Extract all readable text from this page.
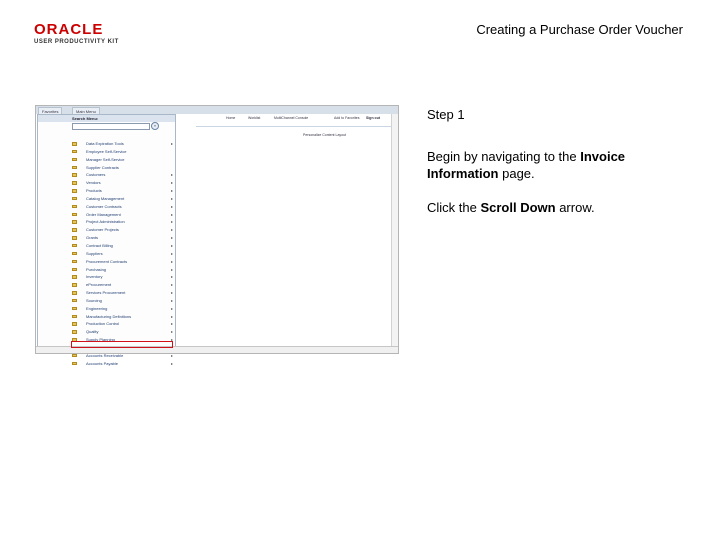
ORACLE
USER PRODUCTIVITY KIT
Creating a Purchase Order Voucher
Favorites	Main Menu
Home	Worklist	MultiChannel Console	Add to Favorites Sign out
Personalize Content Layout
Search Menu:
»
Data Expiration Tools	▸
Employee Self-Service
Manager Self-Service
Supplier Contracts
Customers	▸
Vendors	▸
Products	▸
Catalog Management	▸
Customer Contracts	▸
Order Management	▸
Project Administration	▸
Customer Projects	▸
Grants	▸
Contract Billing	▸
Suppliers	▸
Procurement Contracts	▸
Purchasing	▸
Inventory	▸
eProcurement	▸
Services Procurement	▸
Sourcing	▸
Engineering	▸
Manufacturing Definitions	▸
Production Control	▸
Quality	▸
Supply Planning	▸
Accounts Receivable	▸
Accounts Payable	▸
Step 1
Begin by navigating to the Invoice Information page.
Click the Scroll Down arrow.
